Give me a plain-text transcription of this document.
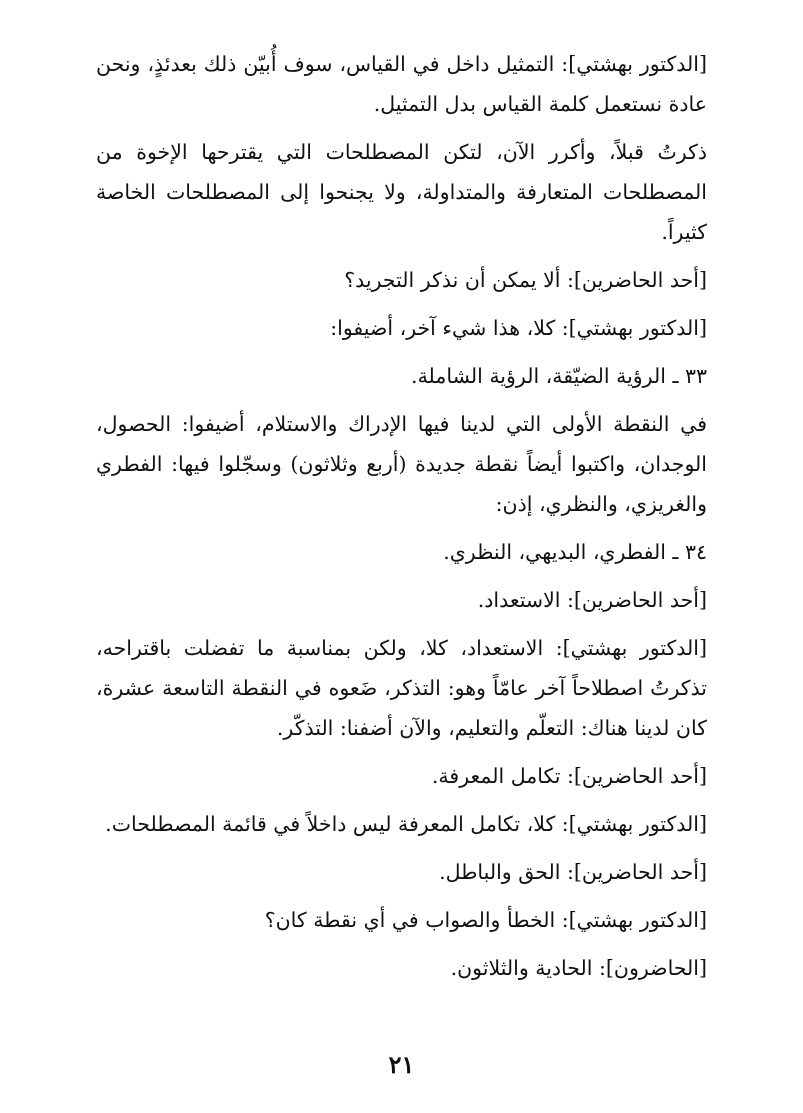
[الدكتور بهشتي]: التمثيل داخل في القياس، سوف أُبيّن ذلك بعدئذٍ، ونحن عادة نستعمل كلمة القياس بدل التمثيل.

ذكرتُ قبلاً، وأكرر الآن، لتكن المصطلحات التي يقترحها الإخوة من المصطلحات المتعارفة والمتداولة، ولا يجنحوا إلى المصطلحات الخاصة كثيراً.

[أحد الحاضرين]: ألا يمكن أن نذكر التجريد؟

[الدكتور بهشتي]: كلا، هذا شيء آخر، أضيفوا:

٣٣ ـ الرؤية الضيّقة، الرؤية الشاملة.

في النقطة الأولى التي لدينا فيها الإدراك والاستلام، أضيفوا: الحصول، الوجدان، واكتبوا أيضاً نقطة جديدة (أربع وثلاثون) وسجّلوا فيها: الفطري والغريزي، والنظري، إذن:

٣٤ ـ الفطري، البديهي، النظري.

[أحد الحاضرين]: الاستعداد.

[الدكتور بهشتي]: الاستعداد، كلا، ولكن بمناسبة ما تفضلت باقتراحه، تذكرتُ اصطلاحاً آخر عامّاً وهو: التذكر، ضَعوه في النقطة التاسعة عشرة، كان لدينا هناك: التعلّم والتعليم، والآن أضفنا: التذكّر.

[أحد الحاضرين]: تكامل المعرفة.

[الدكتور بهشتي]: كلا، تكامل المعرفة ليس داخلاً في قائمة المصطلحات.

[أحد الحاضرين]: الحق والباطل.

[الدكتور بهشتي]: الخطأ والصواب في أي نقطة كان؟

[الحاضرون]: الحادية والثلاثون.

٢١
